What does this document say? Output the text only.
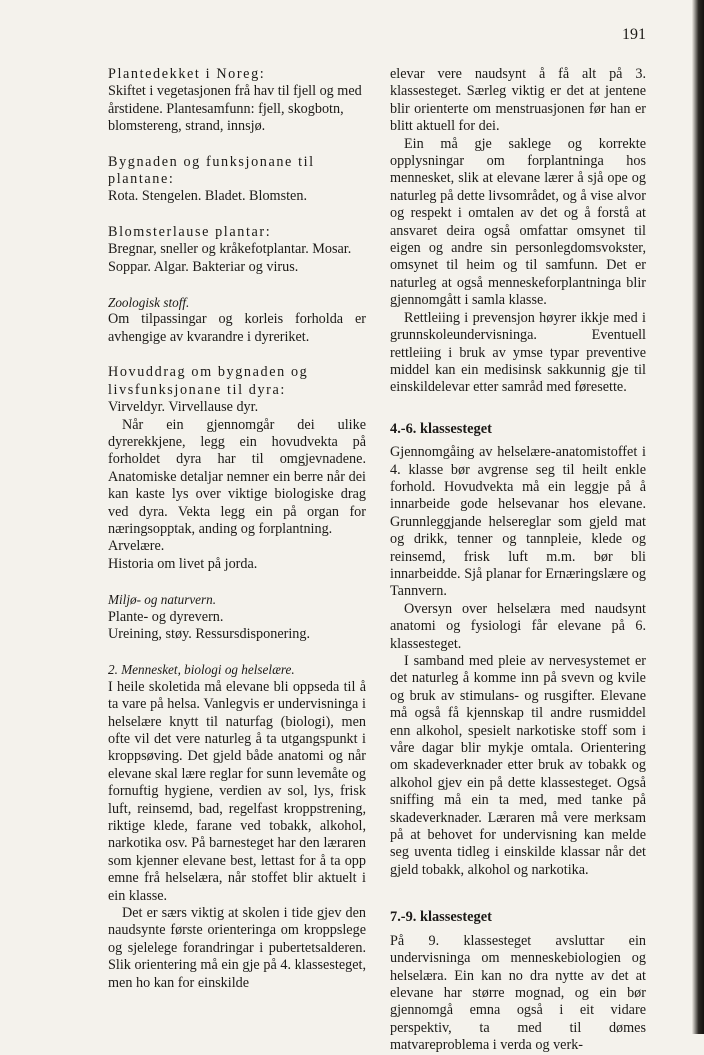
191

Plantedekket i Noreg:

Skiftet i vegetasjonen frå hav til fjell og med årstidene. Plantesamfunn: fjell, skogbotn, blomstereng, strand, innsjø.

Bygnaden og funksjonane til plantane:

Rota. Stengelen. Bladet. Blomsten.

Blomsterlause plantar:

Bregnar, sneller og kråkefotplantar. Mosar. Soppar. Algar. Bakteriar og virus.

Zoologisk stoff.

Om tilpassingar og korleis forholda er avhengige av kvarandre i dyreriket.

Hovuddrag om bygnaden og livsfunksjonane til dyra:

Virveldyr. Virvellause dyr.

Når ein gjennomgår dei ulike dyrerekkjene, legg ein hovudvekta på forholdet dyra har til omgjevnadene. Anatomiske detaljar nemner ein berre når dei kan kaste lys over viktige biologiske drag ved dyra. Vekta legg ein på organ for næringsopptak, anding og forplantning.

Arvelære.

Historia om livet på jorda.

Miljø- og naturvern.

Plante- og dyrevern.

Ureining, støy. Ressursdisponering.

2. Mennesket, biologi og helselære.

I heile skoletida må elevane bli oppseda til å ta vare på helsa. Vanlegvis er undervisninga i helselære knytt til naturfag (biologi), men ofte vil det vere naturleg å ta utgangspunkt i kroppsøving. Det gjeld både anatomi og når elevane skal lære reglar for sunn levemåte og fornuftig hygiene, verdien av sol, lys, frisk luft, reinsemd, bad, regelfast kroppstrening, riktige klede, farane ved tobakk, alkohol, narkotika osv. På barnesteget har den læraren som kjenner elevane best, lettast for å ta opp emne frå helselæra, når stoffet blir aktuelt i ein klasse.

Det er særs viktig at skolen i tide gjev den naudsynte første orienteringa om kroppslege og sjelelege forandringar i pubertetsalderen. Slik orientering må ein gje på 4. klassesteget, men ho kan for einskilde

elevar vere naudsynt å få alt på 3. klassesteget. Særleg viktig er det at jentene blir orienterte om menstruasjonen før han er blitt aktuell for dei.

Ein må gje saklege og korrekte opplysningar om forplantninga hos mennesket, slik at elevane lærer å sjå ope og naturleg på dette livsområdet, og å vise alvor og respekt i omtalen av det og å forstå at ansvaret deira også omfattar omsynet til eigen og andre sin personlegdomsvokster, omsynet til heim og til samfunn. Det er naturleg at også menneskeforplantninga blir gjennomgått i samla klasse.

Rettleiing i prevensjon høyrer ikkje med i grunnskoleundervisninga. Eventuell rettleiing i bruk av ymse typar preventive middel kan ein medisinsk sakkunnig gje til einskildelevar etter samråd med føresette.

4.-6. klassesteget

Gjennomgåing av helselære-anatomistoffet i 4. klasse bør avgrense seg til heilt enkle forhold. Hovudvekta må ein leggje på å innarbeide gode helsevanar hos elevane. Grunnleggjande helsereglar som gjeld mat og drikk, tenner og tannpleie, klede og reinsemd, frisk luft m.m. bør bli innarbeidde. Sjå planar for Ernæringslære og Tannvern.

Oversyn over helselæra med naudsynt anatomi og fysiologi får elevane på 6. klassesteget.

I samband med pleie av nervesystemet er det naturleg å komme inn på svevn og kvile og bruk av stimulans- og rusgifter. Elevane må også få kjennskap til andre rusmiddel enn alkohol, spesielt narkotiske stoff som i våre dagar blir mykje omtala. Orientering om skadeverknader etter bruk av tobakk og alkohol gjev ein på dette klassesteget. Også sniffing må ein ta med, med tanke på skadeverknader. Læraren må vere merksam på at behovet for undervisning kan melde seg uventa tidleg i einskilde klassar når det gjeld tobakk, alkohol og narkotika.

7.-9. klassesteget

På 9. klassesteget avsluttar ein undervisninga om menneskebiologien og helselæra. Ein kan no dra nytte av det at elevane har større mognad, og ein bør gjennomgå emna også i eit vidare perspektiv, ta med til dømes matvareproblema i verda og verk-
